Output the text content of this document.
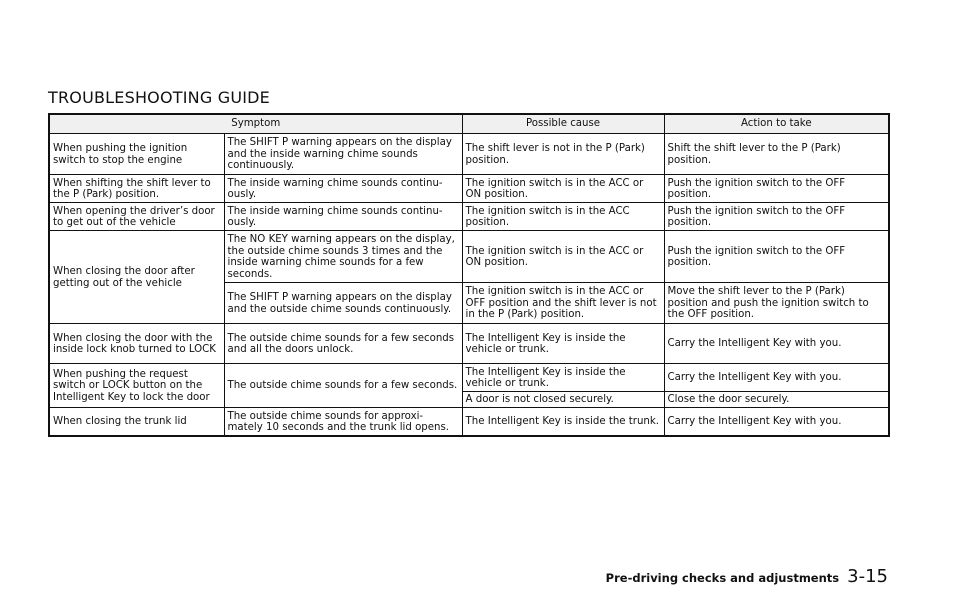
TROUBLESHOOTING GUIDE
Symptom		Possible cause	Action to take
When pushing the ignition switch to stop the engine	The SHIFT P warning appears on the display and the inside warning chime sounds continuously.	The shift lever is not in the P (Park) position.	Shift the shift lever to the P (Park) position.
When shifting the shift lever to the P (Park) position.	The inside warning chime sounds continu- ously.	The ignition switch is in the ACC or ON position.	Push the ignition switch to the OFF position.
When opening the driver’s door to get out of the vehicle	The inside warning chime sounds continu- ously.	The ignition switch is in the ACC position.	Push the ignition switch to the OFF position.
When closing the door after getting out of the vehicle	The NO KEY warning appears on the display, the outside chime sounds 3 times and the inside warning chime sounds for a few seconds.	The ignition switch is in the ACC or ON position.	Push the ignition switch to the OFF position.
	The SHIFT P warning appears on the display and the outside chime sounds continuously.	The ignition switch is in the ACC or OFF position and the shift lever is not in the P (Park) position.	Move the shift lever to the P (Park) position and push the ignition switch to the OFF position.
When closing the door with the inside lock knob turned to LOCK	The outside chime sounds for a few seconds and all the doors unlock.	The Intelligent Key is inside the vehicle or trunk.	Carry the Intelligent Key with you.
When pushing the request switch or LOCK button on the Intelligent Key to lock the door	The outside chime sounds for a few seconds.	The Intelligent Key is inside the vehicle or trunk.	Carry the Intelligent Key with you.
		A door is not closed securely.	Close the door securely.
When closing the trunk lid	The outside chime sounds for approxi- mately 10 seconds and the trunk lid opens.	The Intelligent Key is inside the trunk.	Carry the Intelligent Key with you.
Pre-driving checks and adjustments 3-15
